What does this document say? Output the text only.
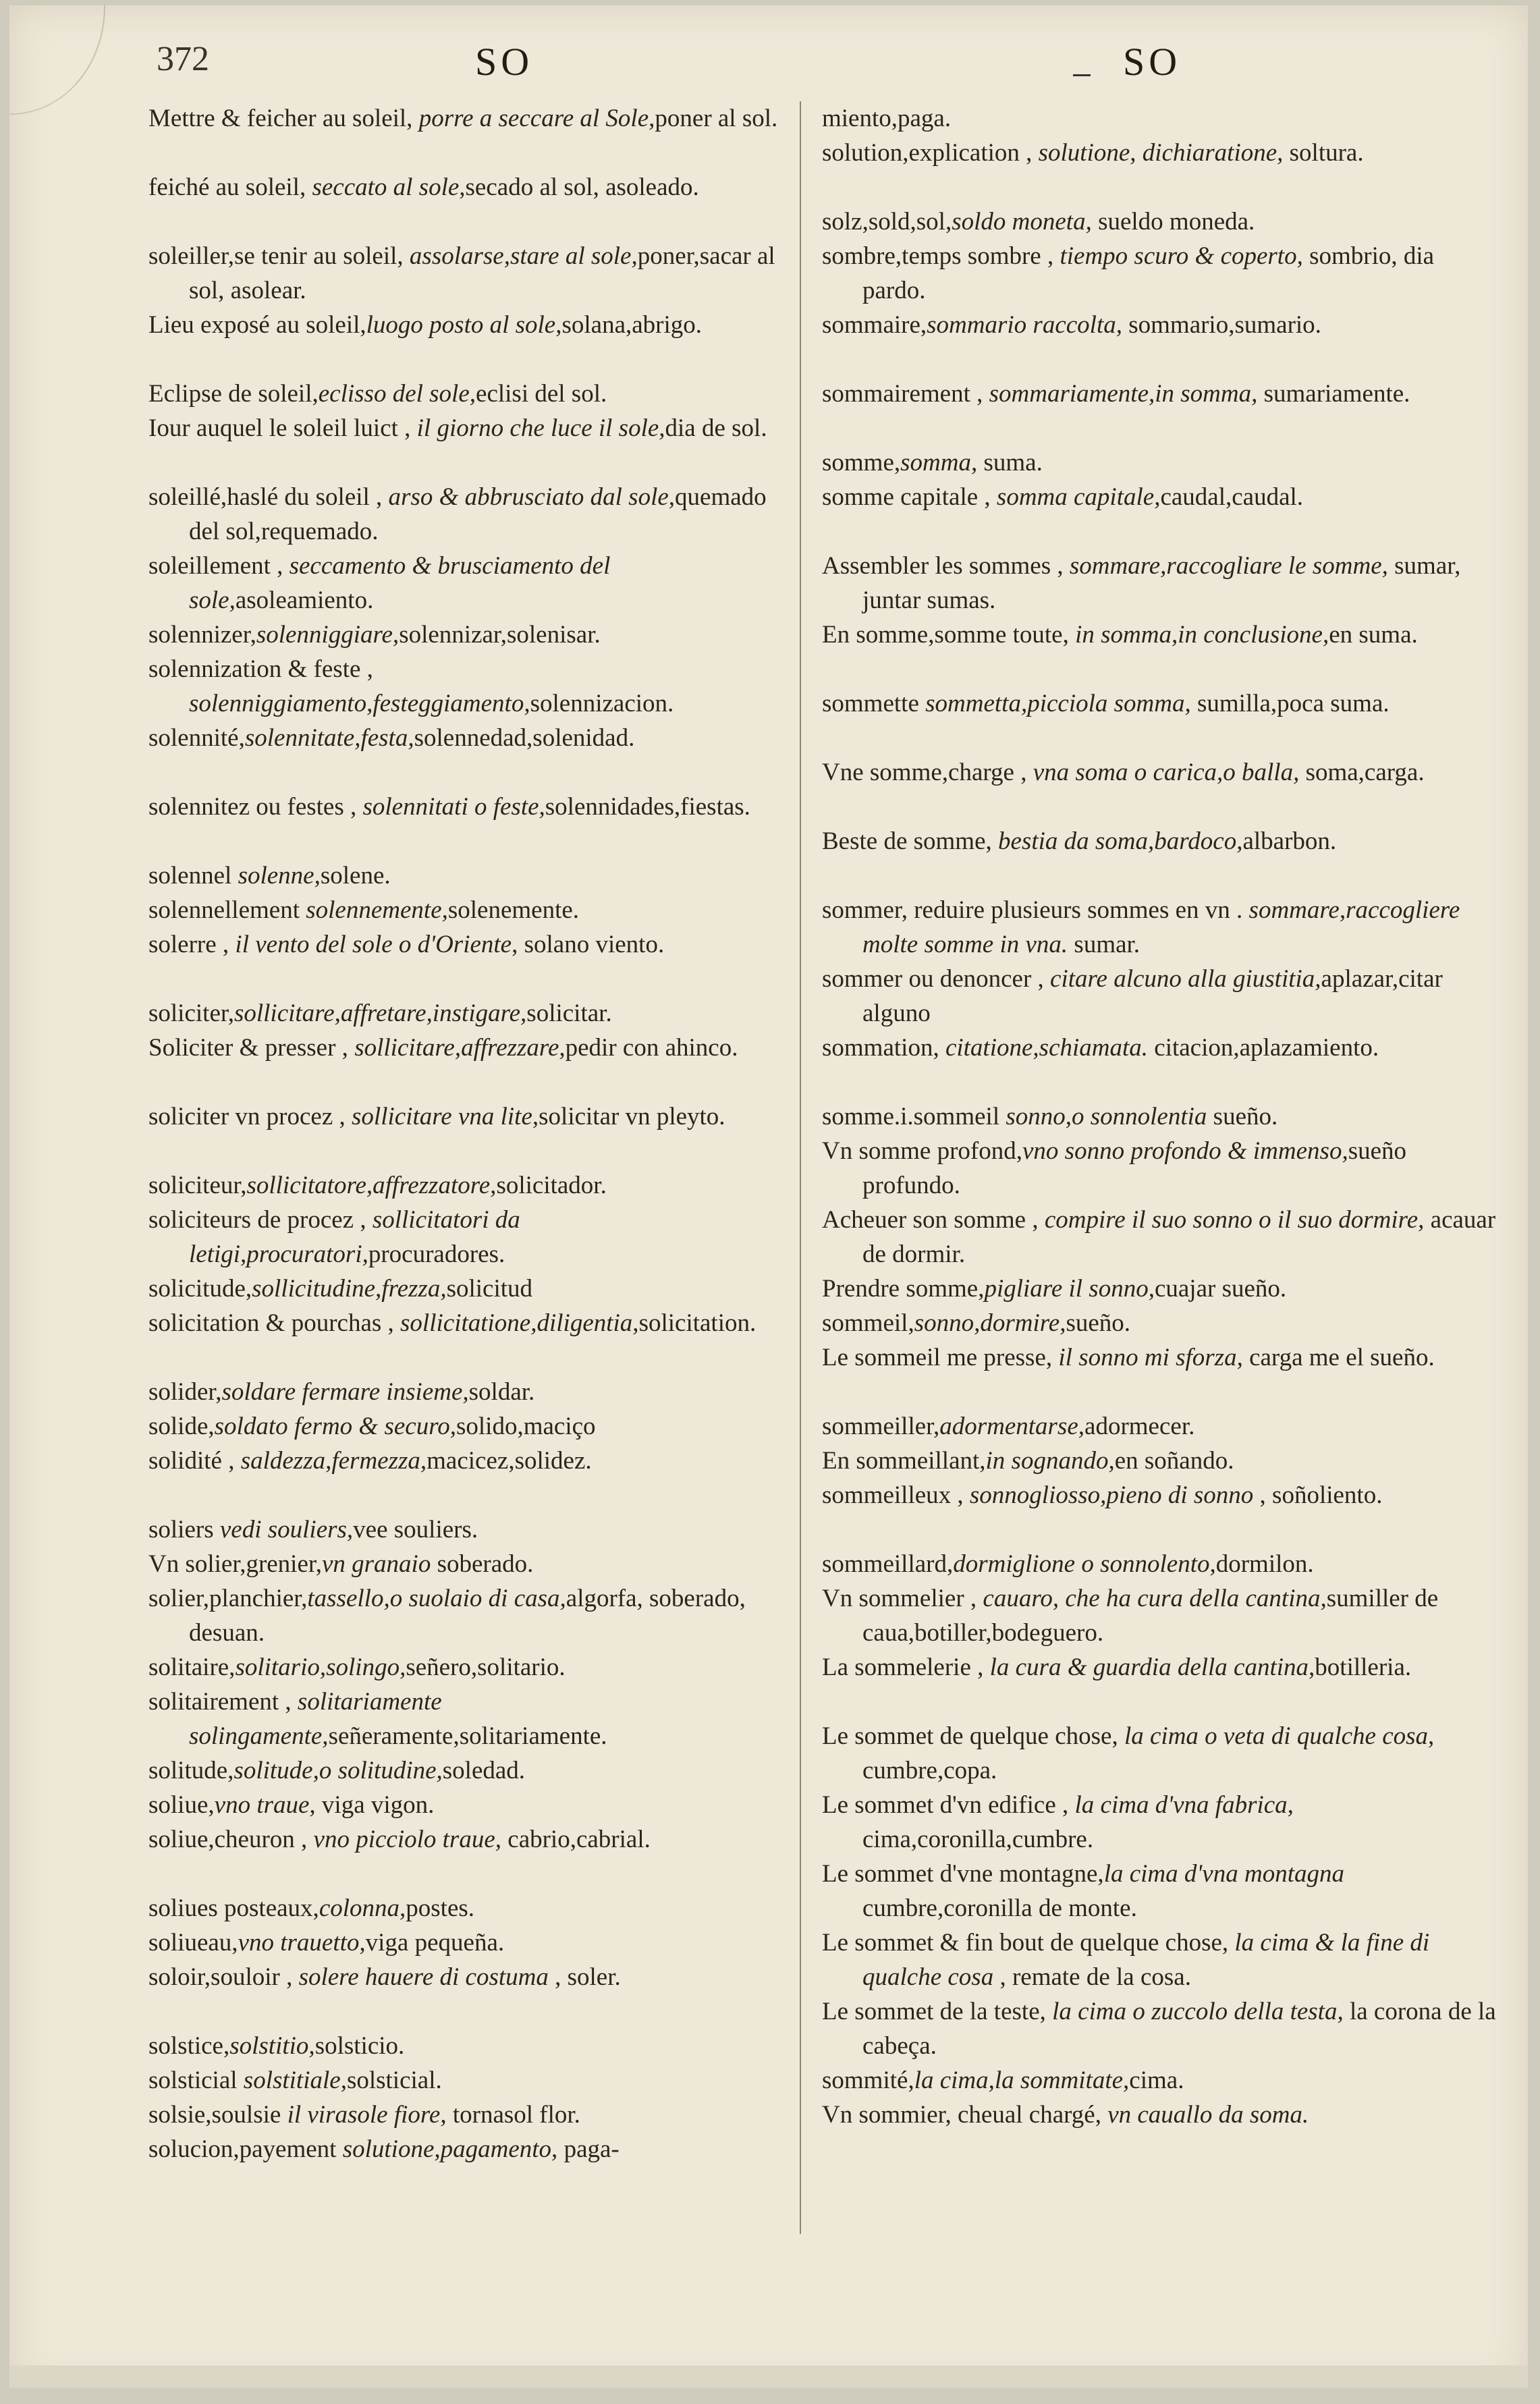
372	SO	SO
Mettre & feicher au soleil, porre a seccare al Sole,poner al sol.
feiché au soleil, seccato al sole,secado al sol, asoleado.
soleiller,se tenir au soleil, assolarse,stare al sole,poner,sacar al sol, asolear.
Lieu exposé au soleil,luogo posto al sole,solana,abrigo.
Eclipse de soleil,eclisso del sole,eclisi del sol.
Iour auquel le soleil luict , il giorno che luce il sole,dia de sol.
soleillé,haslé du soleil , arso & abbrusciato dal sole,quemado del sol,requemado.
soleillement , seccamento & brusciamento del sole,asoleamiento.
solennizer,solenniggiare,solennizar,solenisar.
solennization & feste , solenniggiamento,festeggiamento,solennizacion.
solennité,solennitate,festa,solennedad,solenidad.
solennitez ou festes , solennitati o feste,solennidades,fiestas.
solennel solenne,solene.
solennellement solennemente,solenemente.
solerre , il vento del sole o d'Oriente, solano viento.
soliciter,sollicitare,affretare,instigare,solicitar.
Soliciter & presser , sollicitare,affrezzare,pedir con ahinco.
soliciter vn procez , sollicitare vna lite,solicitar vn pleyto.
soliciteur,sollicitatore,affrezzatore,solicitador.
soliciteurs de procez , sollicitatori da letigi,procuratori,procuradores.
solicitude,sollicitudine,frezza,solicitud
solicitation & pourchas , sollicitatione,diligentia,solicitation.
solider,soldare fermare insieme,soldar.
solide,soldato fermo & securo,solido,maciço
solidité , saldezza,fermezza,macicez,solidez.
soliers vedi souliers,vee souliers.
Vn solier,grenier,vn granaio soberado.
solier,planchier,tassello,o suolaio di casa,algorfa, soberado, desuan.
solitaire,solitario,solingo,señero,solitario.
solitairement , solitariamente solingamente,señeramente,solitariamente.
solitude,solitude,o solitudine,soledad.
soliue,vno traue, viga vigon.
soliue,cheuron , vno picciolo traue, cabrio,cabrial.
soliues posteaux,colonna,postes.
soliueau,vno trauetto,viga pequeña.
soloir,souloir , solere hauere di costuma , soler.
solstice,solstitio,solsticio.
solsticial solstitiale,solsticial.
solsie,soulsie il virasole fiore, tornasol flor.
solucion,payement solutione,pagamento, paga-
miento,paga.
solution,explication , solutione, dichiaratione, soltura.
solz,sold,sol,soldo moneta, sueldo moneda.
sombre,temps sombre , tiempo scuro & coperto, sombrio, dia pardo.
sommaire,sommario raccolta, sommario,sumario.
sommairement , sommariamente,in somma, sumariamente.
somme,somma, suma.
somme capitale , somma capitale,caudal,caudal.
Assembler les sommes , sommare,raccogliare le somme, sumar, juntar sumas.
En somme,somme toute, in somma,in conclusione,en suma.
sommette sommetta,picciola somma, sumilla,poca suma.
Vne somme,charge , vna soma o carica,o balla, soma,carga.
Beste de somme, bestia da soma,bardoco,albarbon.
sommer, reduire plusieurs sommes en vn . sommare,raccogliere molte somme in vna. sumar.
sommer ou denoncer , citare alcuno alla giustitia,aplazar,citar alguno
sommation, citatione,schiamata. citacion,aplazamiento.
somme.i.sommeil sonno,o sonnolentia sueño.
Vn somme profond,vno sonno profondo & immenso,sueño profundo.
Acheuer son somme , compire il suo sonno o il suo dormire, acauar de dormir.
Prendre somme,pigliare il sonno,cuajar sueño.
sommeil,sonno,dormire,sueño.
Le sommeil me presse, il sonno mi sforza, carga me el sueño.
sommeiller,adormentarse,adormecer.
En sommeillant,in sognando,en soñando.
sommeilleux , sonnogliosso,pieno di sonno , soñoliento.
sommeillard,dormiglione o sonnolento,dormilon.
Vn sommelier , cauaro, che ha cura della cantina,sumiller de caua,botiller,bodeguero.
La sommelerie , la cura & guardia della cantina,botilleria.
Le sommet de quelque chose, la cima o veta di qualche cosa, cumbre,copa.
Le sommet d'vn edifice , la cima d'vna fabrica, cima,coronilla,cumbre.
Le sommet d'vne montagne,la cima d'vna montagna cumbre,coronilla de monte.
Le sommet & fin bout de quelque chose, la cima & la fine di qualche cosa , remate de la cosa.
Le sommet de la teste, la cima o zuccolo della testa, la corona de la cabeça.
sommité,la cima,la sommitate,cima.
Vn sommier, cheual chargé, vn cauallo da soma.
